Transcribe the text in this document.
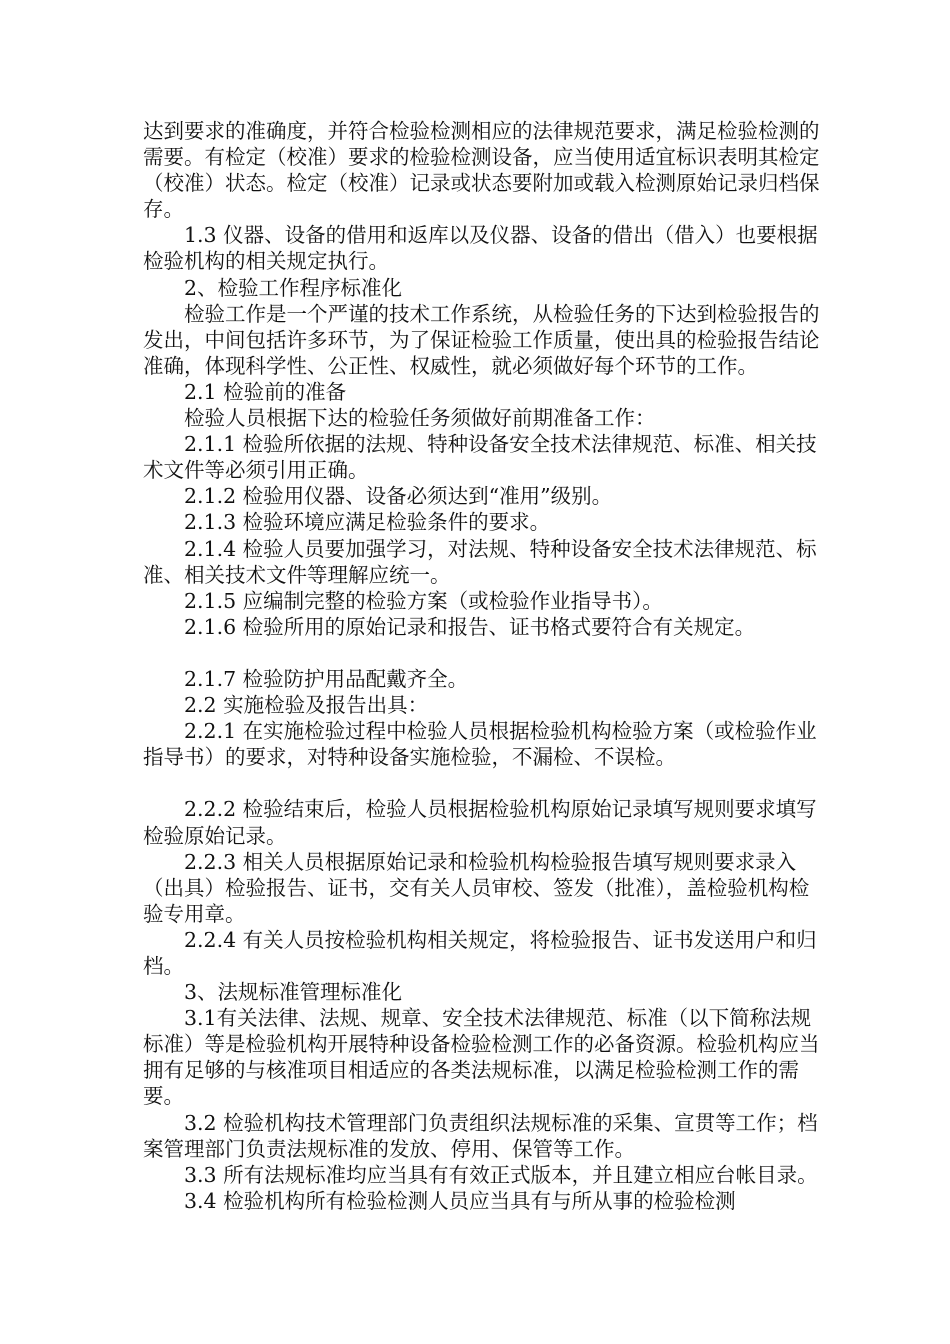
达到要求的准确度，并符合检验检测相应的法律规范要求，满足检验检测的需要。有检定（校准）要求的检验检测设备，应当使用适宜标识表明其检定（校准）状态。检定（校准）记录或状态要附加或载入检测原始记录归档保存。

1.3 仪器、设备的借用和返库以及仪器、设备的借出（借入）也要根据检验机构的相关规定执行。

2、检验工作程序标准化

检验工作是一个严谨的技术工作系统，从检验任务的下达到检验报告的发出，中间包括许多环节，为了保证检验工作质量，使出具的检验报告结论准确，体现科学性、公正性、权威性，就必须做好每个环节的工作。

2.1 检验前的准备

检验人员根据下达的检验任务须做好前期准备工作：

2.1.1 检验所依据的法规、特种设备安全技术法律规范、标准、相关技术文件等必须引用正确。

2.1.2 检验用仪器、设备必须达到“准用”级别。

2.1.3 检验环境应满足检验条件的要求。

2.1.4 检验人员要加强学习，对法规、特种设备安全技术法律规范、标准、相关技术文件等理解应统一。

2.1.5 应编制完整的检验方案（或检验作业指导书）。

2.1.6 检验所用的原始记录和报告、证书格式要符合有关规定。

2.1.7 检验防护用品配戴齐全。

2.2 实施检验及报告出具：

2.2.1 在实施检验过程中检验人员根据检验机构检验方案（或检验作业指导书）的要求，对特种设备实施检验，不漏检、不误检。

2.2.2 检验结束后，检验人员根据检验机构原始记录填写规则要求填写检验原始记录。

2.2.3 相关人员根据原始记录和检验机构检验报告填写规则要求录入（出具）检验报告、证书，交有关人员审校、签发（批准），盖检验机构检验专用章。

2.2.4 有关人员按检验机构相关规定，将检验报告、证书发送用户和归档。

3、法规标准管理标准化

3.1有关法律、法规、规章、安全技术法律规范、标准（以下简称法规标准）等是检验机构开展特种设备检验检测工作的必备资源。检验机构应当拥有足够的与核准项目相适应的各类法规标准，以满足检验检测工作的需要。

3.2 检验机构技术管理部门负责组织法规标准的采集、宣贯等工作；档案管理部门负责法规标准的发放、停用、保管等工作。

3.3 所有法规标准均应当具有有效正式版本，并且建立相应台帐目录。

3.4 检验机构所有检验检测人员应当具有与所从事的检验检测
